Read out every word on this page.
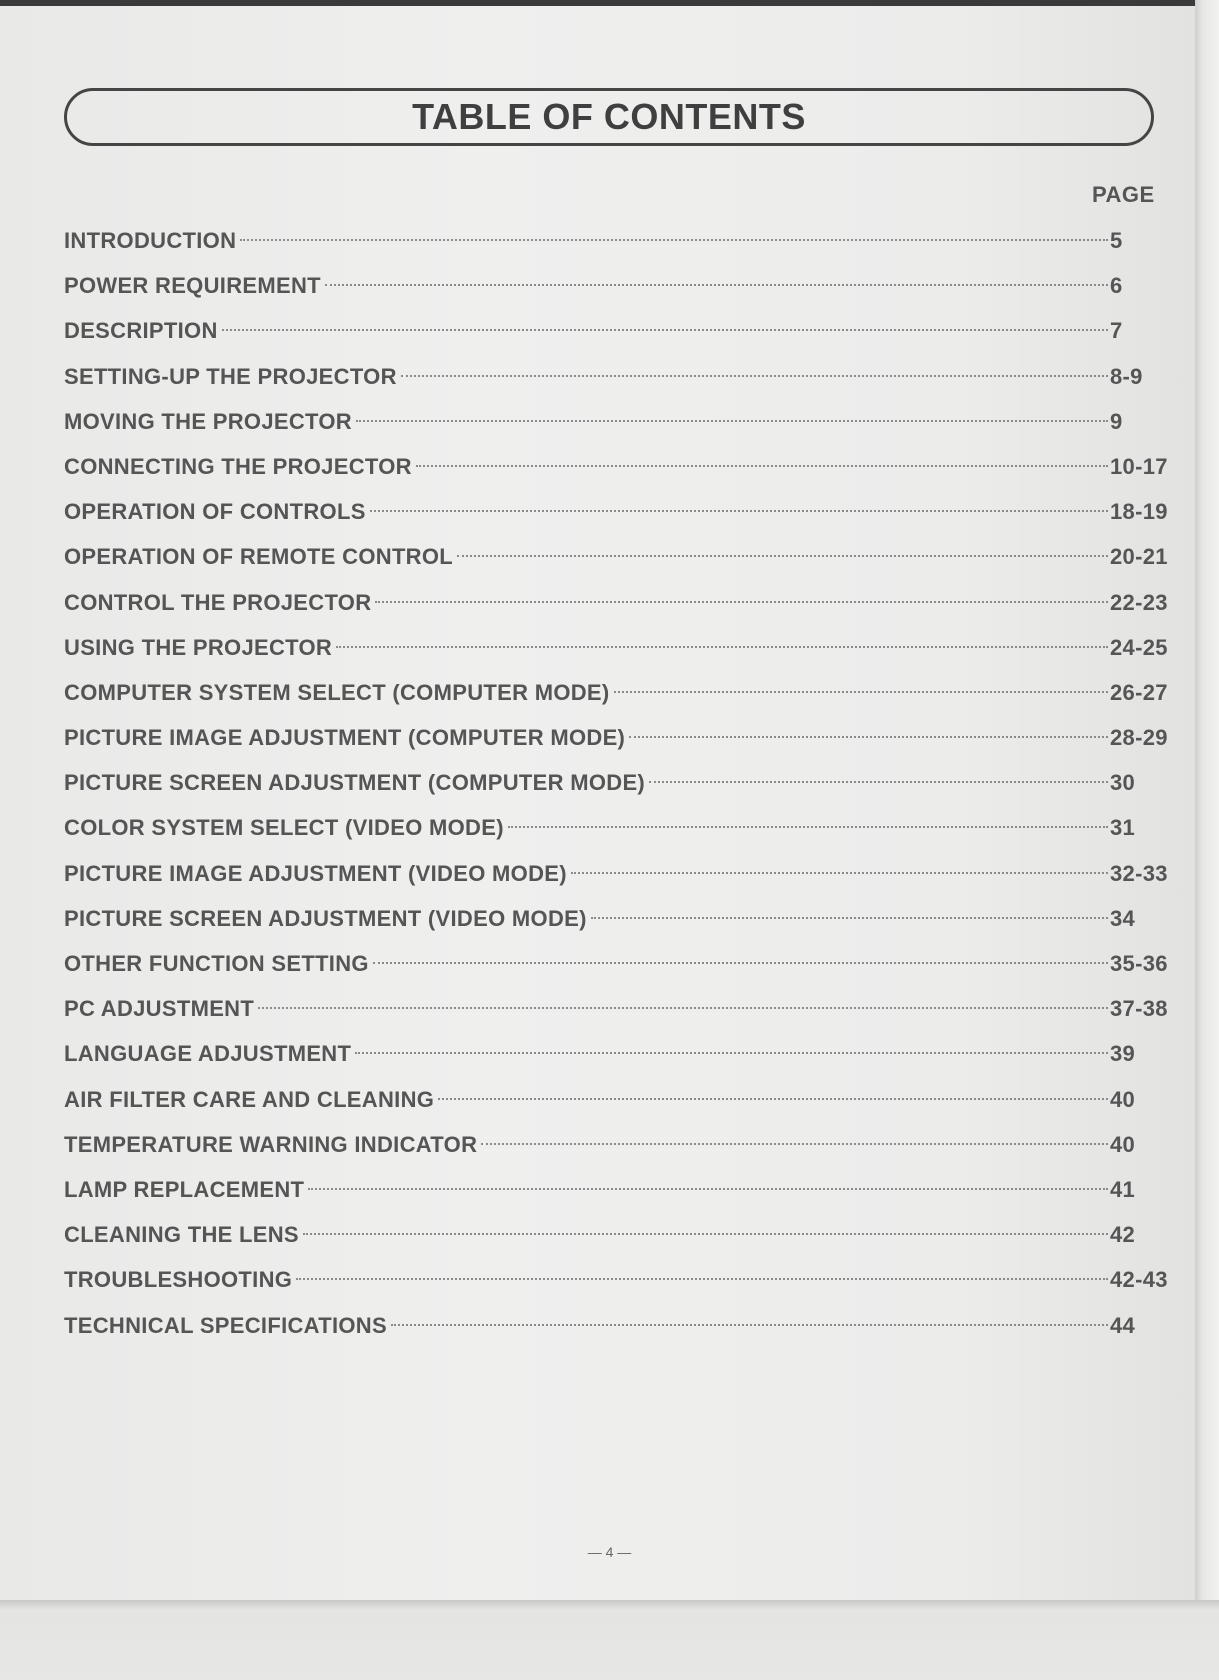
TABLE OF CONTENTS
PAGE
INTRODUCTION	5
POWER REQUIREMENT	6
DESCRIPTION	7
SETTING-UP THE PROJECTOR	8-9
MOVING THE PROJECTOR	9
CONNECTING THE PROJECTOR	10-17
OPERATION OF CONTROLS	18-19
OPERATION OF REMOTE CONTROL	20-21
CONTROL THE PROJECTOR	22-23
USING THE PROJECTOR	24-25
COMPUTER SYSTEM SELECT (COMPUTER MODE)	26-27
PICTURE IMAGE ADJUSTMENT (COMPUTER MODE)	28-29
PICTURE SCREEN ADJUSTMENT (COMPUTER MODE)	30
COLOR SYSTEM SELECT (VIDEO MODE)	31
PICTURE IMAGE ADJUSTMENT (VIDEO MODE)	32-33
PICTURE SCREEN ADJUSTMENT (VIDEO MODE)	34
OTHER FUNCTION SETTING	35-36
PC ADJUSTMENT	37-38
LANGUAGE ADJUSTMENT	39
AIR FILTER CARE AND CLEANING	40
TEMPERATURE WARNING INDICATOR	40
LAMP REPLACEMENT	41
CLEANING THE LENS	42
TROUBLESHOOTING	42-43
TECHNICAL SPECIFICATIONS	44
— 4 —
